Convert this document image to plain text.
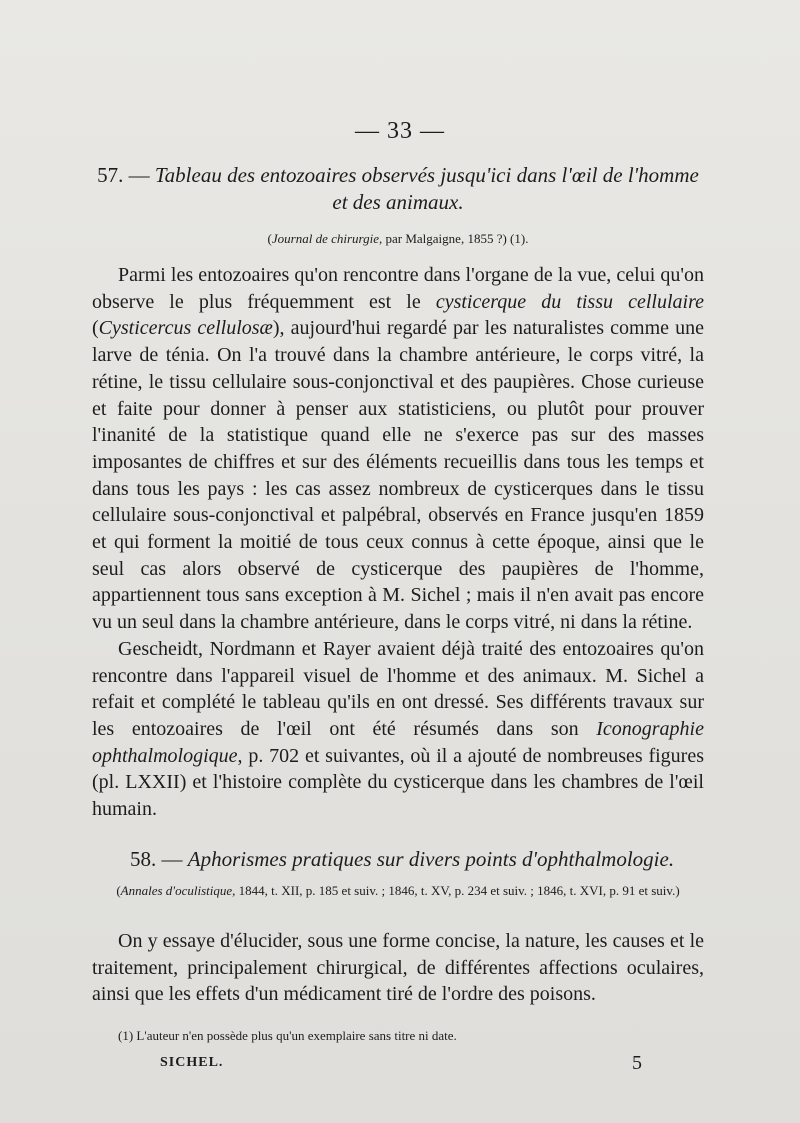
— 33 —
57. — Tableau des entozoaires observés jusqu'ici dans l'œil de l'homme
et des animaux.
(Journal de chirurgie, par Malgaigne, 1855 ?) (1).

Parmi les entozoaires qu'on rencontre dans l'organe de la vue, celui qu'on observe le plus fréquemment est le cysticerque du tissu cellulaire (Cysticercus cellulosæ), aujourd'hui regardé par les naturalistes comme une larve de ténia. On l'a trouvé dans la chambre antérieure, le corps vitré, la rétine, le tissu cellulaire sous-conjonctival et des paupières. Chose curieuse et faite pour donner à penser aux statisticiens, ou plutôt pour prouver l'inanité de la statistique quand elle ne s'exerce pas sur des masses imposantes de chiffres et sur des éléments recueillis dans tous les temps et dans tous les pays : les cas assez nombreux de cysticerques dans le tissu cellulaire sous-conjonctival et palpébral, observés en France jusqu'en 1859 et qui forment la moitié de tous ceux connus à cette époque, ainsi que le seul cas alors observé de cysticerque des paupières de l'homme, appartiennent tous sans exception à M. Sichel ; mais il n'en avait pas encore vu un seul dans la chambre antérieure, dans le corps vitré, ni dans la rétine.

Gescheidt, Nordmann et Rayer avaient déjà traité des entozoaires qu'on rencontre dans l'appareil visuel de l'homme et des animaux. M. Sichel a refait et complété le tableau qu'ils en ont dressé. Ses différents travaux sur les entozoaires de l'œil ont été résumés dans son Iconographie ophthalmologique, p. 702 et suivantes, où il a ajouté de nombreuses figures (pl. LXXII) et l'histoire complète du cysticerque dans les chambres de l'œil humain.

58. — Aphorismes pratiques sur divers points d'ophthalmologie.
(Annales d'oculistique, 1844, t. XII, p. 185 et suiv. ; 1846, t. XV, p. 234 et suiv. ; 1846, t. XVI, p. 91 et suiv.)

On y essaye d'élucider, sous une forme concise, la nature, les causes et le traitement, principalement chirurgical, de différentes affections oculaires, ainsi que les effets d'un médicament tiré de l'ordre des poisons.

(1) L'auteur n'en possède plus qu'un exemplaire sans titre ni date.
SICHEL.	5
